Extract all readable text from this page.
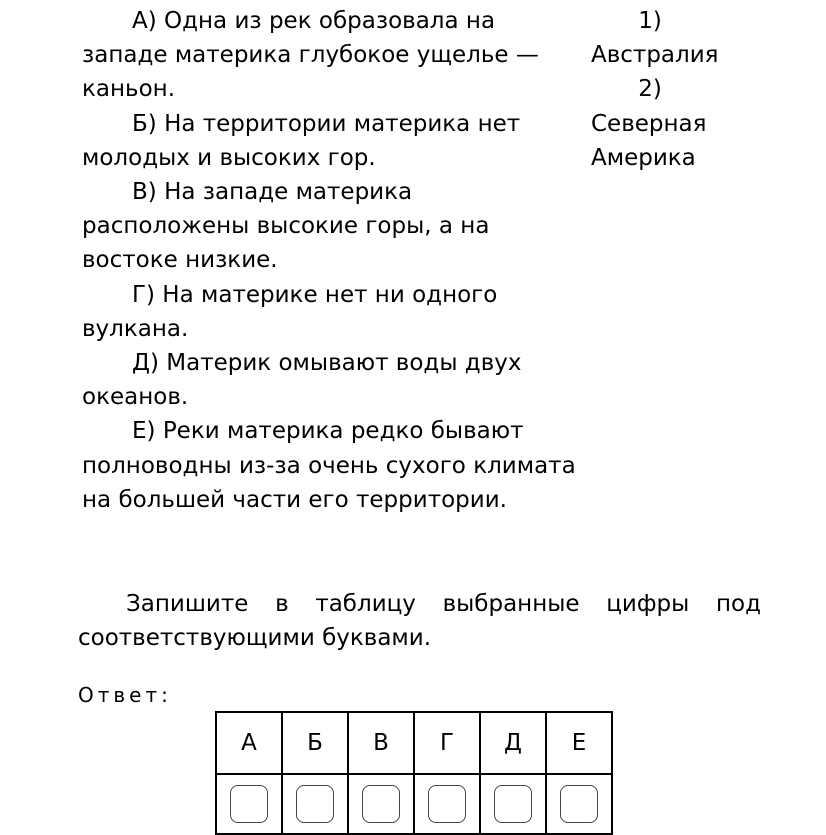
А) Одна из рек образовала на западе материка глубокое ущелье — каньон.

Б) На территории материка нет молодых и высоких гор.

В) На западе материка расположены высокие горы, а на востоке низкие.

Г) На материке нет ни одного вулкана.

Д) Материк омывают воды двух океанов.

Е) Реки материка редко бывают полноводны из-за очень сухого климата на большей части его территории.

1)
Австралия
2)
Северная Америка
Запишите в таблицу выбранные цифры под
соответствующими буквами.
Ответ:
А	Б	В	Г	Д	Е
